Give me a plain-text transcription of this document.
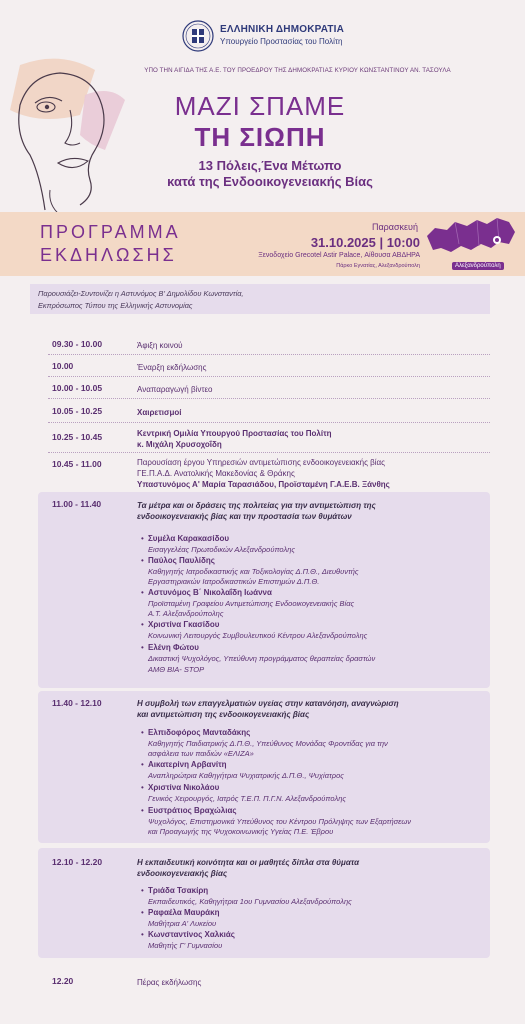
ΕΛΛΗΝΙΚΗ ΔΗΜΟΚΡΑΤΙΑ
Υπουργείο Προστασίας του Πολίτη
ΥΠΟ ΤΗΝ ΑΙΓΙΔΑ ΤΗΣ Α.Ε. ΤΟΥ ΠΡΟΕΔΡΟΥ ΤΗΣ ΔΗΜΟΚΡΑΤΙΑΣ ΚΥΡΙΟΥ ΚΩΝΣΤΑΝΤΙΝΟΥ ΑΝ. ΤΑΣΟΥΛΑ
ΜΑΖΙ ΣΠΑΜΕ
ΤΗ ΣΙΩΠΗ
13 Πόλεις,Ένα Μέτωπο
κατά της Ενδοοικογενειακής Βίας
ΠΡΟΓΡΑΜΜΑ
ΕΚΔΗΛΩΣΗΣ
Παρασκευή
31.10.2025 | 10:00
Ξενοδοχείο Grecotel Astir Palace, Αίθουσα ΑΒΔΗΡΑ
Πάρκο Εγνατίας, Αλεξανδρούπολη	Αλεξανδρούπολη
Παρουσιάζει-Συντονίζει η Αστυνόμος Β' Δημολίδου Κωνσταντία,
Εκπρόσωπος Τύπου της Ελληνικής Αστυνομίας
09.30 - 10.00	Άφιξη κοινού
10.00	Έναρξη εκδήλωσης
10.00 - 10.05	Αναπαραγωγή βίντεο
10.05 - 10.25	Χαιρετισμοί
10.25 - 10.45	Κεντρική Ομιλία Υπουργού Προστασίας του Πολίτη
κ. Μιχάλη Χρυσοχοΐδη
10.45 - 11.00	Παρουσίαση έργου Υπηρεσιών αντιμετώπισης ενδοοικογενειακής βίας
ΓΕ.Π.Α.Δ. Ανατολικής Μακεδονίας & Θράκης
Υπαστυνόμος Α' Μαρία Ταρασιάδου, Προϊσταμένη Γ.Α.Ε.Β. Ξάνθης
11.00 - 11.40	Τα μέτρα και οι δράσεις της πολιτείας για την αντιμετώπιση της
ενδοοικογενειακής βίας και την προστασία των θυμάτων
• Συμέλα Καρακασίδου
Εισαγγελέας Πρωτοδικών Αλεξανδρούπολης
• Παύλος Παυλίδης
Καθηγητής Ιατροδικαστικής και Τοξικολογίας Δ.Π.Θ., Διευθυντής
Εργαστηριακών Ιατροδικαστικών Επιστημών Δ.Π.Θ.
• Αστυνόμος Β΄ Νικολαΐδη Ιωάννα
Προϊσταμένη Γραφείου Αντιμετώπισης Ενδοοικογενειακής Βίας
Α.Τ. Αλεξανδρούπολης
• Χριστίνα Γκασίδου
Κοινωνική Λειτουργός Συμβουλευτικού Κέντρου Αλεξανδρούπολης
• Ελένη Φώτου
Δικαστική Ψυχολόγος, Υπεύθυνη προγράμματος θεραπείας δραστών
ΑΜΘ ΒΙΑ- STOP
11.40 - 12.10	Η συμβολή των επαγγελματιών υγείας στην κατανόηση, αναγνώριση
και αντιμετώπιση της ενδοοικογενειακής βίας
• Ελπιδοφόρος Μανταδάκης
Καθηγητής Παιδιατρικής Δ.Π.Θ., Υπεύθυνος Μονάδας Φροντίδας για την
ασφάλεια των παιδιών «ΕΛΙΖΑ»
• Αικατερίνη Αρβανίτη
Αναπληρώτρια Καθηγήτρια Ψυχιατρικής Δ.Π.Θ., Ψυχίατρος
• Χριστίνα Νικολάου
Γενικός Χειρουργός, Ιατρός Τ.Ε.Π. Π.Γ.Ν. Αλεξανδρούπολης
• Ευστράτιος Βραχώλιας
Ψυχολόγος, Επιστημονικά Υπεύθυνος του Κέντρου Πρόληψης των Εξαρτήσεων
και Προαγωγής της Ψυχοκοινωνικής Υγείας Π.Ε. Έβρου
12.10 - 12.20	Η εκπαιδευτική κοινότητα και οι μαθητές δίπλα στα θύματα
ενδοοικογενειακής βίας
• Τριάδα Τσακίρη
Εκπαιδευτικός, Καθηγήτρια 1ου Γυμνασίου Αλεξανδρούπολης
• Ραφαέλα Μαυράκη
Μαθήτρια Α' Λυκείου
• Κωνσταντίνος Χαλκιάς
Μαθητής Γ' Γυμνασίου
12.20	Πέρας εκδήλωσης
